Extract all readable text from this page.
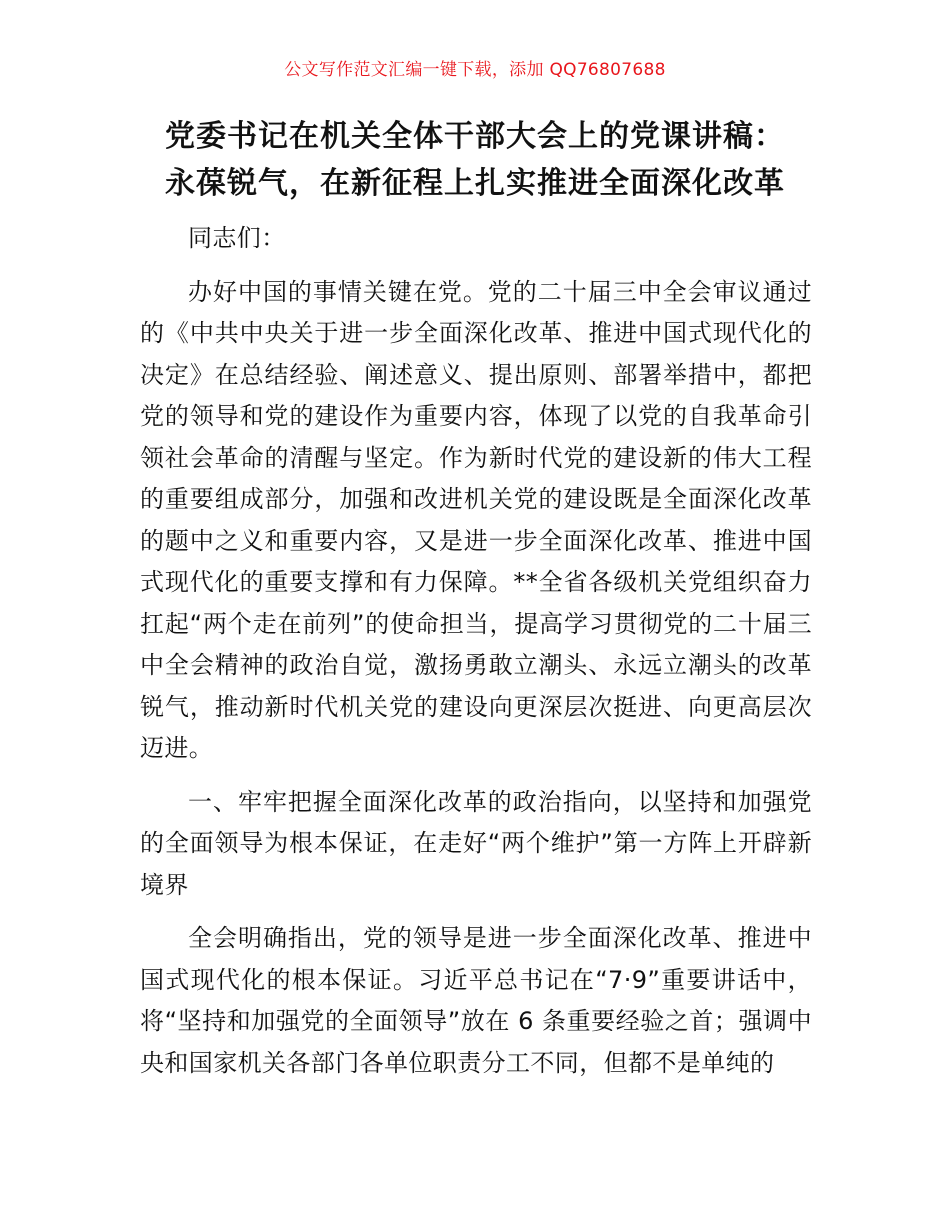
公文写作范文汇编一键下载，添加 QQ76807688
党委书记在机关全体干部大会上的党课讲稿：
永葆锐气，在新征程上扎实推进全面深化改革

同志们：

办好中国的事情关键在党。党的二十届三中全会审议通过的《中共中央关于进一步全面深化改革、推进中国式现代化的决定》在总结经验、阐述意义、提出原则、部署举措中，都把党的领导和党的建设作为重要内容，体现了以党的自我革命引领社会革命的清醒与坚定。作为新时代党的建设新的伟大工程的重要组成部分，加强和改进机关党的建设既是全面深化改革的题中之义和重要内容，又是进一步全面深化改革、推进中国式现代化的重要支撑和有力保障。**全省各级机关党组织奋力扛起“两个走在前列”的使命担当，提高学习贯彻党的二十届三中全会精神的政治自觉，激扬勇敢立潮头、永远立潮头的改革锐气，推动新时代机关党的建设向更深层次挺进、向更高层次迈进。

一、牢牢把握全面深化改革的政治指向，以坚持和加强党的全面领导为根本保证，在走好“两个维护”第一方阵上开辟新境界

全会明确指出，党的领导是进一步全面深化改革、推进中国式现代化的根本保证。习近平总书记在“7·9”重要讲话中，将“坚持和加强党的全面领导”放在 6 条重要经验之首；强调中央和国家机关各部门各单位职责分工不同，但都不是单纯的
